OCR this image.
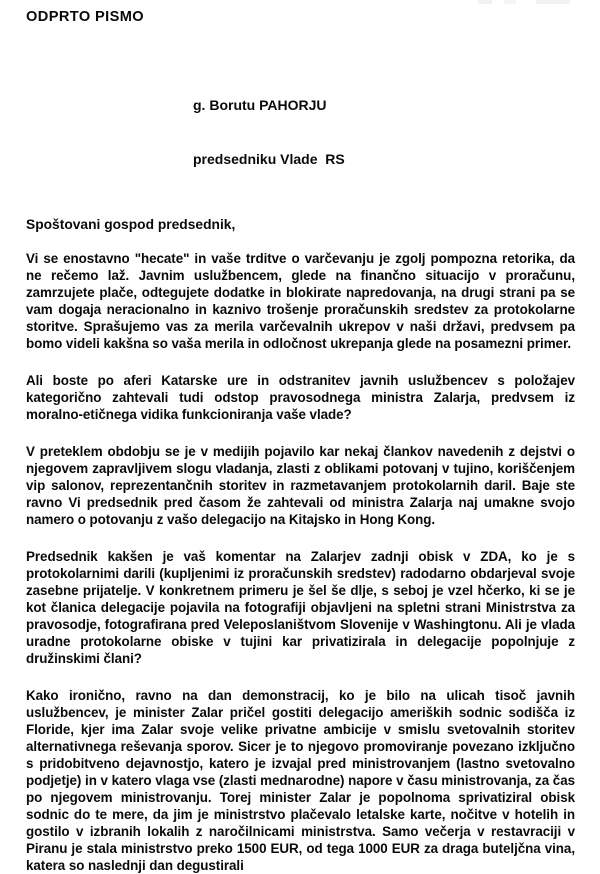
ODPRTO PISMO

g. Borutu PAHORJU

predsedniku Vlade  RS

Spoštovani gospod predsednik,

Vi se enostavno "hecate" in vaše trditve o varčevanju je zgolj pompozna retorika, da ne rečemo laž. Javnim uslužbencem, glede na finančno situacijo v proračunu, zamrzujete plače, odtegujete dodatke in blokirate napredovanja, na drugi strani pa se vam dogaja neracionalno in kaznivo trošenje proračunskih sredstev za protokolarne storitve. Sprašujemo vas za merila varčevalnih ukrepov v naši državi, predvsem pa bomo videli kakšna so vaša merila in odločnost ukrepanja glede na posamezni primer.

Ali boste po aferi Katarske ure in odstranitev javnih uslužbencev s položajev kategorično zahtevali tudi odstop pravosodnega ministra Zalarja, predvsem iz moralno-etičnega vidika funkcioniranja vaše vlade?

V preteklem obdobju se je v medijih pojavilo kar nekaj člankov navedenih z dejstvi o njegovem zapravljivem slogu vladanja, zlasti z oblikami potovanj v tujino, koriščenjem vip salonov, reprezentančnih storitev in razmetavanjem protokolarnih daril. Baje ste ravno Vi predsednik pred časom že zahtevali od ministra Zalarja naj umakne svojo namero o potovanju z vašo delegacijo na Kitajsko in Hong Kong.

Predsednik kakšen je vaš komentar na Zalarjev zadnji obisk v ZDA, ko je s protokolarnimi darili (kupljenimi iz proračunskih sredstev) radodarno obdarjeval svoje zasebne prijatelje. V konkretnem primeru je šel še dlje, s seboj je vzel hčerko, ki se je kot članica delegacije pojavila na fotografiji objavljeni na spletni strani Ministrstva za pravosodje, fotografirana pred Veleposlaništvom Slovenije v Washingtonu. Ali je vlada uradne protokolarne obiske v tujini kar privatizirala in delegacije popolnjuje z družinskimi člani?

Kako ironično, ravno na dan demonstracij, ko je bilo na ulicah tisoč javnih uslužbencev, je minister Zalar pričel gostiti delegacijo ameriških sodnic sodišča iz Floride, kjer ima Zalar svoje velike privatne ambicije v smislu svetovalnih storitev alternativnega reševanja sporov. Sicer je to njegovo promoviranje povezano izključno s pridobitveno dejavnostjo, katero je izvajal pred ministrovanjem (lastno svetovalno podjetje) in v katero vlaga vse (zlasti mednarodne) napore v času ministrovanja, za čas po njegovem ministrovanju. Torej minister Zalar je popolnoma sprivatiziral obisk sodnic do te mere, da jim je ministrstvo plačevalo letalske karte, nočitve v hotelih in gostilo v izbranih lokalih z naročilnicami ministrstva. Samo večerja v restavraciji v Piranu je stala ministrstvo preko 1500 EUR, od tega 1000 EUR za draga buteljčna vina, katera so naslednji dan degustirali
